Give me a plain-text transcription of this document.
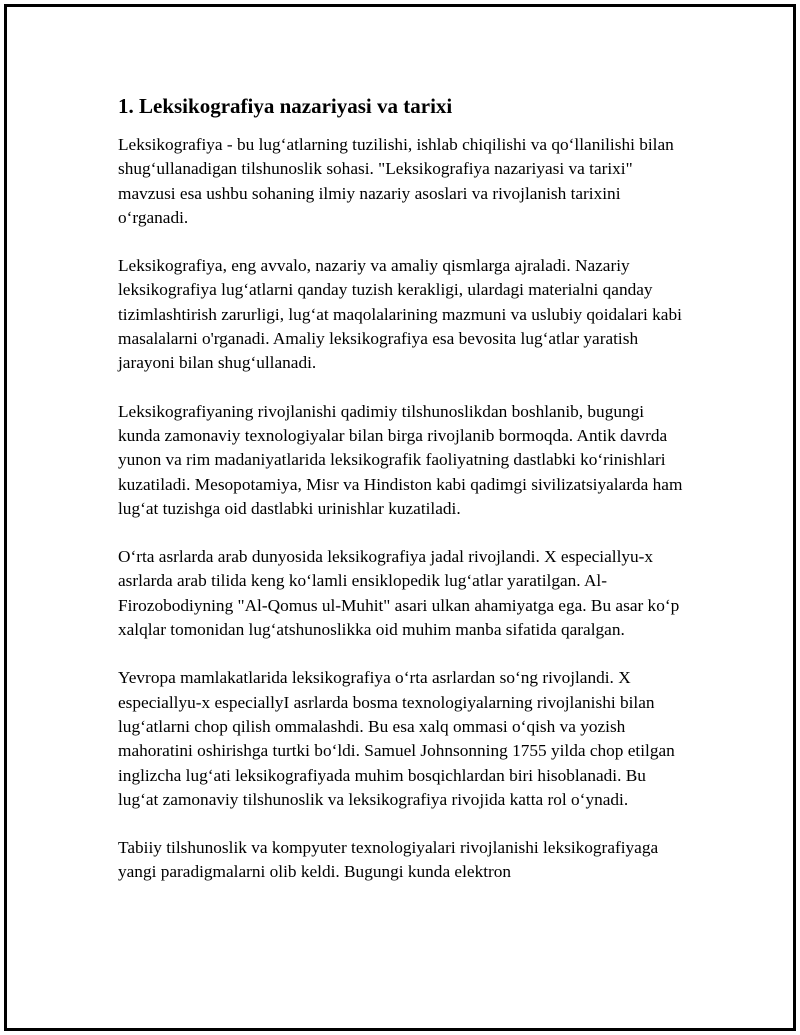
1. Leksikografiya nazariyasi va tarixi

Leksikografiya - bu lug‘atlarning tuzilishi, ishlab chiqilishi va qo‘llanilishi bilan shug‘ullanadigan tilshunoslik sohasi. "Leksikografiya nazariyasi va tarixi" mavzusi esa ushbu sohaning ilmiy nazariy asoslari va rivojlanish tarixini o‘rganadi.

Leksikografiya, eng avvalo, nazariy va amaliy qismlarga ajraladi. Nazariy leksikografiya lug‘atlarni qanday tuzish kerakligi, ulardagi materialni qanday tizimlashtirish zarurligi, lug‘at maqolalarining mazmuni va uslubiy qoidalari kabi masalalarni o'rganadi. Amaliy leksikografiya esa bevosita lug‘atlar yaratish jarayoni bilan shug‘ullanadi.

Leksikografiyaning rivojlanishi qadimiy tilshunoslikdan boshlanib, bugungi kunda zamonaviy texnologiyalar bilan birga rivojlanib bormoqda. Antik davrda yunon va rim madaniyatlarida leksikografik faoliyatning dastlabki ko‘rinishlari kuzatiladi. Mesopotamiya, Misr va Hindiston kabi qadimgi sivilizatsiyalarda ham lug‘at tuzishga oid dastlabki urinishlar kuzatiladi.

O‘rta asrlarda arab dunyosida leksikografiya jadal rivojlandi. X especiallyu-x asrlarda arab tilida keng ko‘lamli ensiklopedik lug‘atlar yaratilgan. Al-Firozobodiyning "Al-Qomus ul-Muhit" asari ulkan ahamiyatga ega. Bu asar ko‘p xalqlar tomonidan lug‘atshunoslikka oid muhim manba sifatida qaralgan.

Yevropa mamlakatlarida leksikografiya o‘rta asrlardan so‘ng rivojlandi. X especiallyu-x especiallyI asrlarda bosma texnologiyalarning rivojlanishi bilan lug‘atlarni chop qilish ommalashdi. Bu esa xalq ommasi o‘qish va yozish mahoratini oshirishga turtki bo‘ldi. Samuel Johnsonning 1755 yilda chop etilgan inglizcha lug‘ati leksikografiyada muhim bosqichlardan biri hisoblanadi. Bu lug‘at zamonaviy tilshunoslik va leksikografiya rivojida katta rol o‘ynadi.

Tabiiy tilshunoslik va kompyuter texnologiyalari rivojlanishi leksikografiyaga yangi paradigmalarni olib keldi. Bugungi kunda elektron
